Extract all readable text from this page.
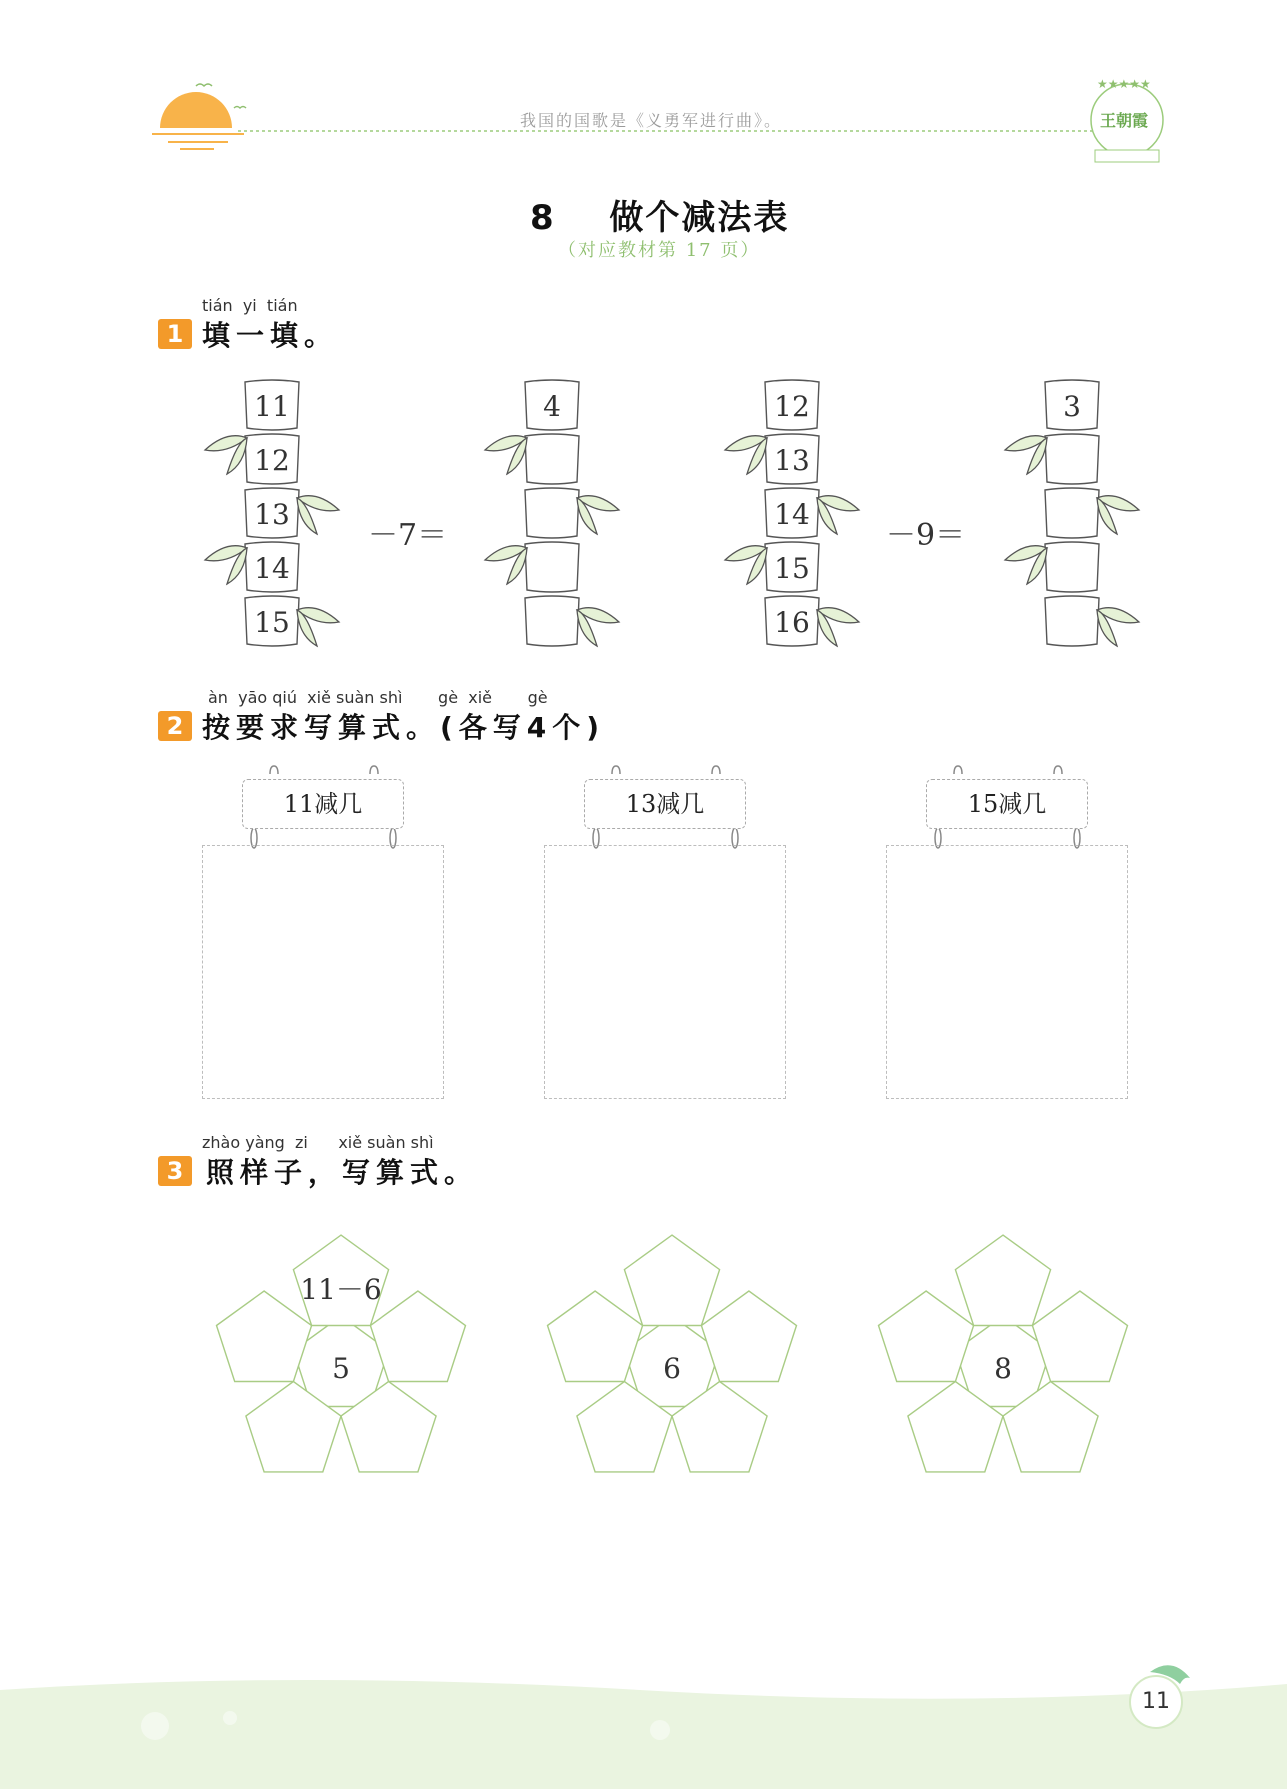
★★★★★
我国的国歌是《义勇军进行曲》。	王朝霞
8 做个减法表
（对应教材第 17 页）
tián  yi  tián
1 填一填。
11
12
13
14
15
4	12
13
14
15
16
3
－7＝	－9＝
àn  yāo qiú  xiě suàn shì       gè  xiě       gè
2 按要求写算式。(各写4个)
11减几	13减几	15减几
zhào yàng  zi      xiě suàn shì
3 照样子，写算式。
11－6
5	6	8
11
